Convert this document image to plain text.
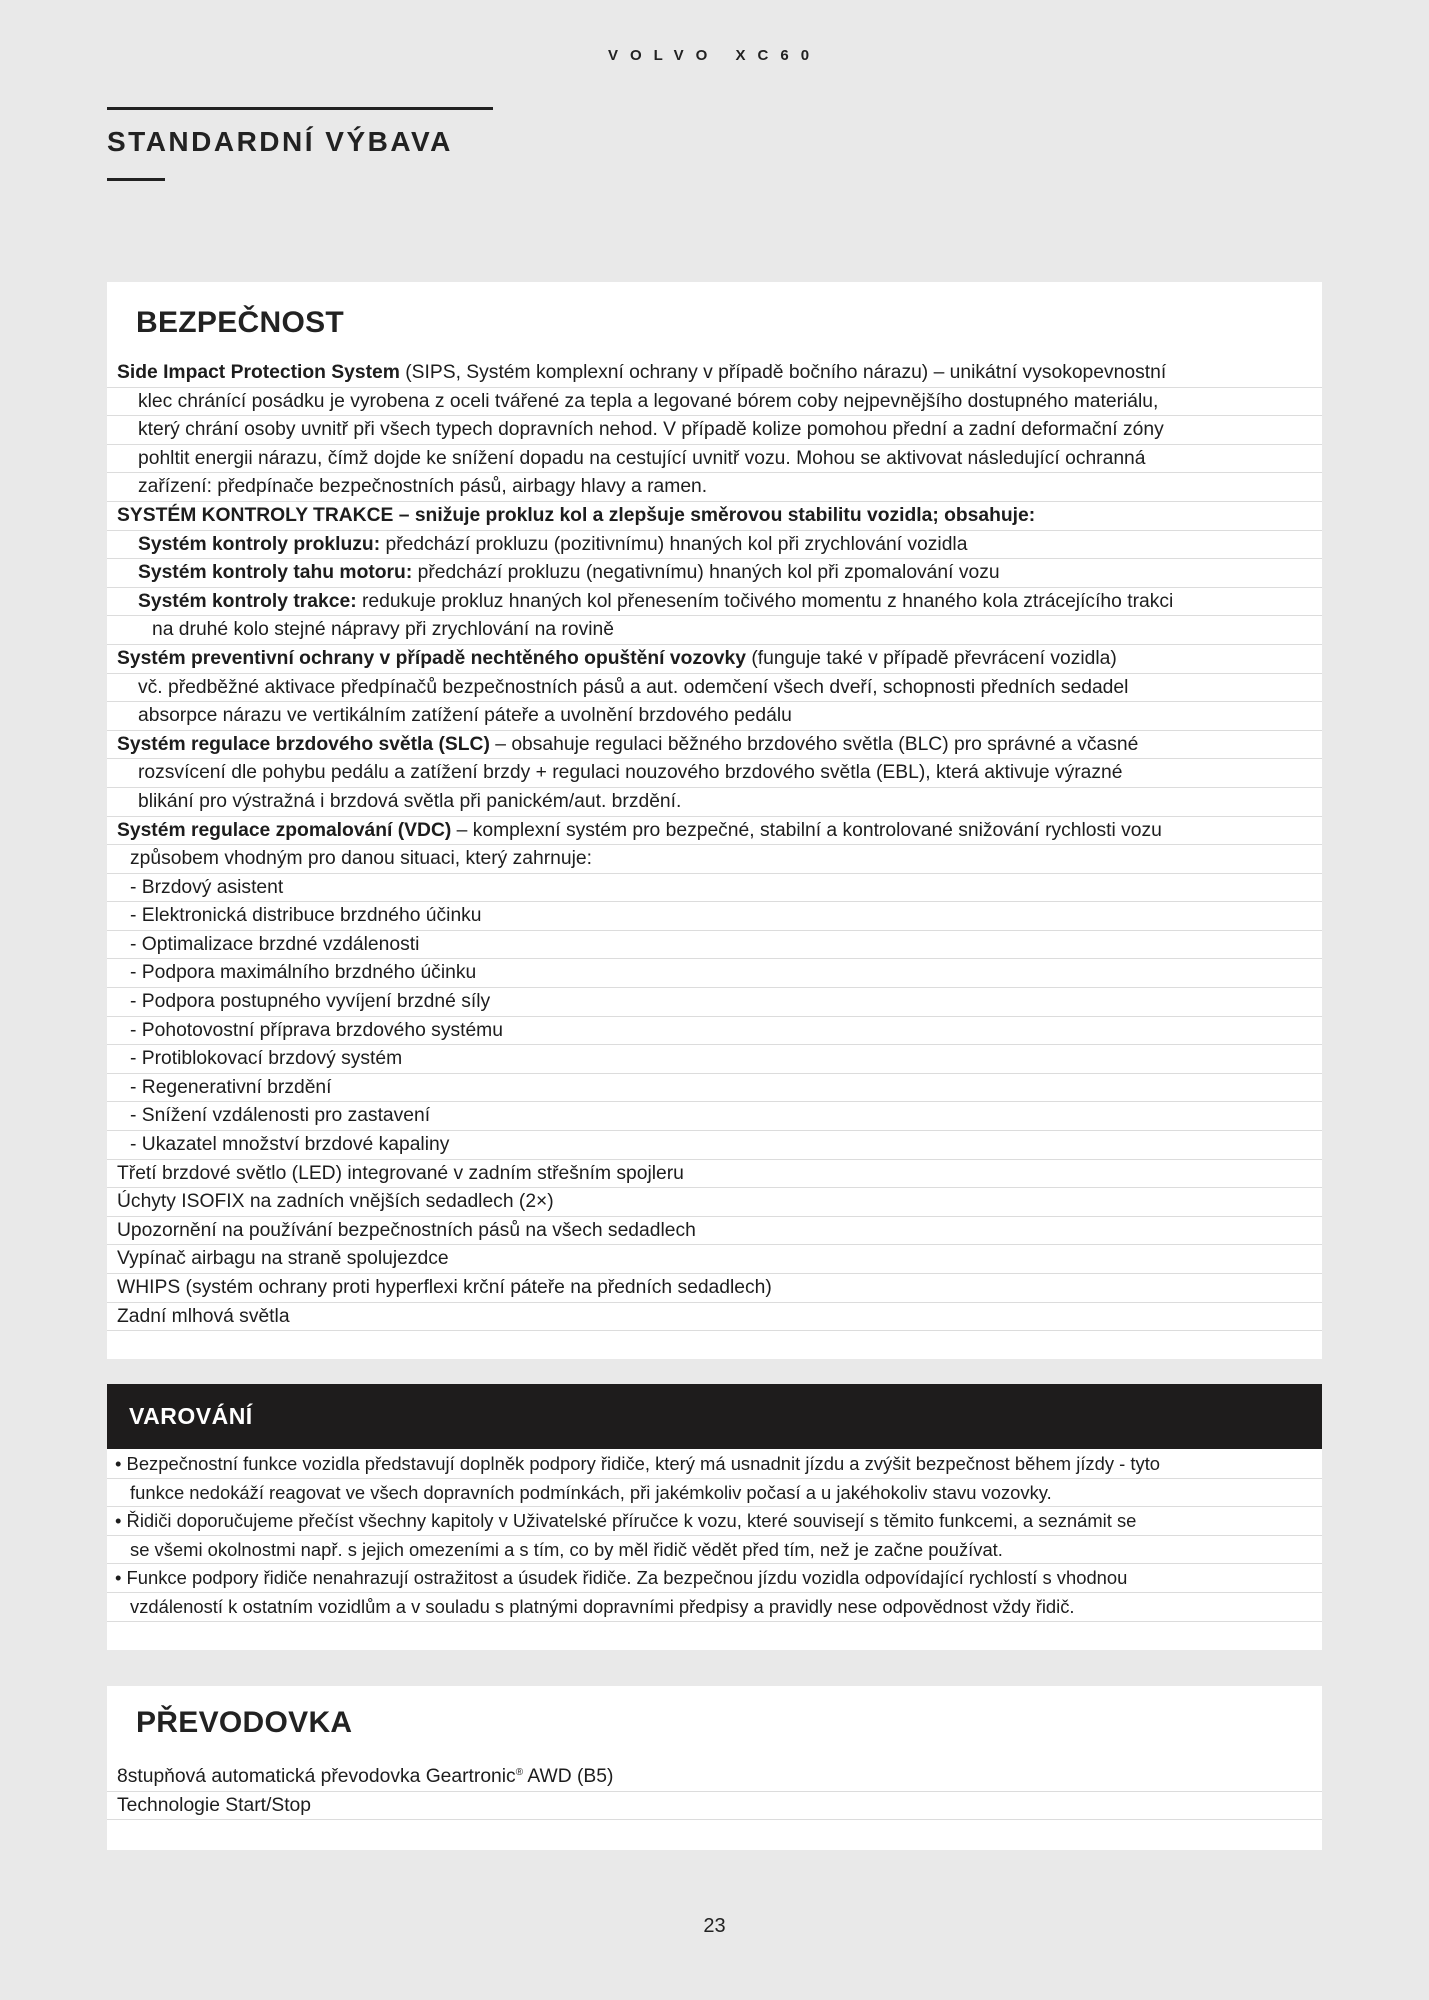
VOLVO XC60
STANDARDNÍ VÝBAVA
BEZPEČNOST
Side Impact Protection System (SIPS, Systém komplexní ochrany v případě bočního nárazu) – unikátní vysokopevnostní
klec chránící posádku je vyrobena z oceli tvářené za tepla a legované bórem coby nejpevnějšího dostupného materiálu,
který chrání osoby uvnitř při všech typech dopravních nehod. V případě kolize pomohou přední a zadní deformační zóny
pohltit energii nárazu, čímž dojde ke snížení dopadu na cestující uvnitř vozu. Mohou se aktivovat následující ochranná
zařízení: předpínače bezpečnostních pásů, airbagy hlavy a ramen.
SYSTÉM KONTROLY TRAKCE – snižuje prokluz kol a zlepšuje směrovou stabilitu vozidla; obsahuje:
Systém kontroly prokluzu: předchází prokluzu (pozitivnímu) hnaných kol při zrychlování vozidla
Systém kontroly tahu motoru: předchází prokluzu (negativnímu) hnaných kol při zpomalování vozu
Systém kontroly trakce: redukuje prokluz hnaných kol přenesením točivého momentu z hnaného kola ztrácejícího trakci
na druhé kolo stejné nápravy při zrychlování na rovině
Systém preventivní ochrany v případě nechtěného opuštění vozovky (funguje také v případě převrácení vozidla)
vč. předběžné aktivace předpínačů bezpečnostních pásů a aut. odemčení všech dveří, schopnosti předních sedadel
absorpce nárazu ve vertikálním zatížení páteře a uvolnění brzdového pedálu
Systém regulace brzdového světla (SLC) – obsahuje regulaci běžného brzdového světla (BLC) pro správné a včasné
rozsvícení dle pohybu pedálu a zatížení brzdy + regulaci nouzového brzdového světla (EBL), která aktivuje výrazné
blikání pro výstražná i brzdová světla při panickém/aut. brzdění.
Systém regulace zpomalování (VDC) – komplexní systém pro bezpečné, stabilní a kontrolované snižování rychlosti vozu
způsobem vhodným pro danou situaci, který zahrnuje:
- Brzdový asistent
- Elektronická distribuce brzdného účinku
- Optimalizace brzdné vzdálenosti
- Podpora maximálního brzdného účinku
- Podpora postupného vyvíjení brzdné síly
- Pohotovostní příprava brzdového systému
- Protiblokovací brzdový systém
- Regenerativní brzdění
- Snížení vzdálenosti pro zastavení
- Ukazatel množství brzdové kapaliny
Třetí brzdové světlo (LED) integrované v zadním střešním spojleru
Úchyty ISOFIX na zadních vnějších sedadlech (2×)
Upozornění na používání bezpečnostních pásů na všech sedadlech
Vypínač airbagu na straně spolujezdce
WHIPS (systém ochrany proti hyperflexi krční páteře na předních sedadlech)
Zadní mlhová světla
VAROVÁNÍ
• Bezpečnostní funkce vozidla představují doplněk podpory řidiče, který má usnadnit jízdu a zvýšit bezpečnost během jízdy - tyto
funkce nedokáží reagovat ve všech dopravních podmínkách, při jakémkoliv počasí a u jakéhokoliv stavu vozovky.
• Řidiči doporučujeme přečíst všechny kapitoly v Uživatelské příručce k vozu, které souvisejí s těmito funkcemi, a seznámit se
se všemi okolnostmi např. s jejich omezeními a s tím, co by měl řidič vědět před tím, než je začne používat.
• Funkce podpory řidiče nenahrazují ostražitost a úsudek řidiče. Za bezpečnou jízdu vozidla odpovídající rychlostí s vhodnou
vzdáleností k ostatním vozidlům a v souladu s platnými dopravními předpisy a pravidly nese odpovědnost vždy řidič.
PŘEVODOVKA
8stupňová automatická převodovka Geartronic® AWD (B5)
Technologie Start/Stop
23
